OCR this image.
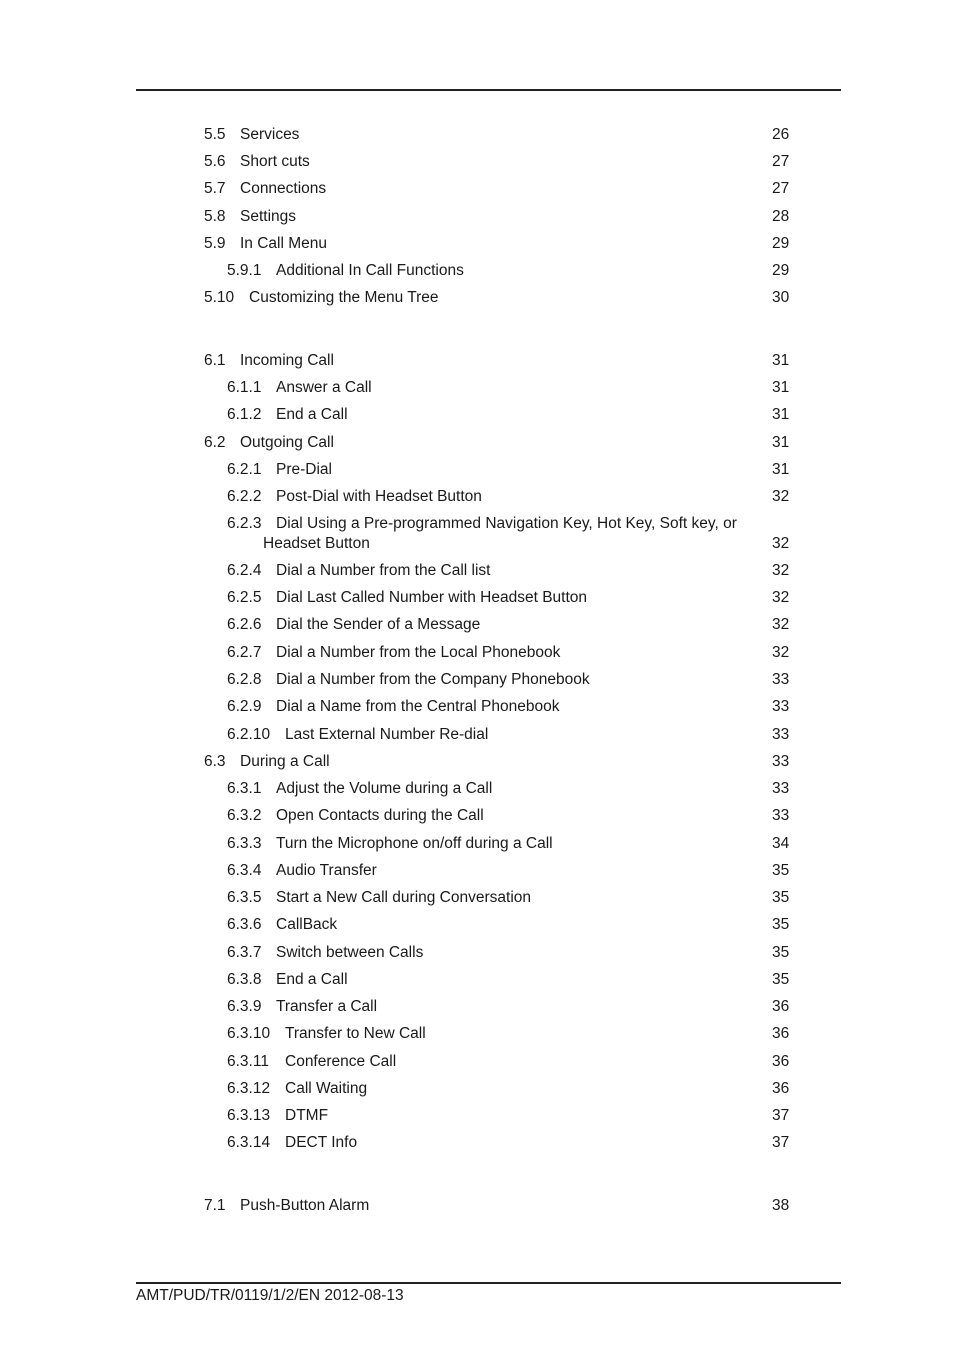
5.5 Services	26
5.6 Short cuts	27
5.7 Connections	27
5.8 Settings	28
5.9 In Call Menu	29
5.9.1 Additional In Call Functions	29
5.10 Customizing the Menu Tree	30
6.1 Incoming Call	31
6.1.1 Answer a Call	31
6.1.2 End a Call	31
6.2 Outgoing Call	31
6.2.1 Pre-Dial	31
6.2.2 Post-Dial with Headset Button	32
6.2.3 Dial Using a Pre-programmed Navigation Key, Hot Key, Soft key, or
Headset Button	32
6.2.4 Dial a Number from the Call list	32
6.2.5 Dial Last Called Number with Headset Button	32
6.2.6 Dial the Sender of a Message	32
6.2.7 Dial a Number from the Local Phonebook	32
6.2.8 Dial a Number from the Company Phonebook	33
6.2.9 Dial a Name from the Central Phonebook	33
6.2.10 Last External Number Re-dial	33
6.3 During a Call	33
6.3.1 Adjust the Volume during a Call	33
6.3.2 Open Contacts during the Call	33
6.3.3 Turn the Microphone on/off during a Call	34
6.3.4 Audio Transfer	35
6.3.5 Start a New Call during Conversation	35
6.3.6 CallBack	35
6.3.7 Switch between Calls	35
6.3.8 End a Call	35
6.3.9 Transfer a Call	36
6.3.10 Transfer to New Call	36
6.3.11 Conference Call	36
6.3.12 Call Waiting	36
6.3.13 DTMF	37
6.3.14 DECT Info	37
7.1 Push-Button Alarm	38
AMT/PUD/TR/0119/1/2/EN 2012-08-13
